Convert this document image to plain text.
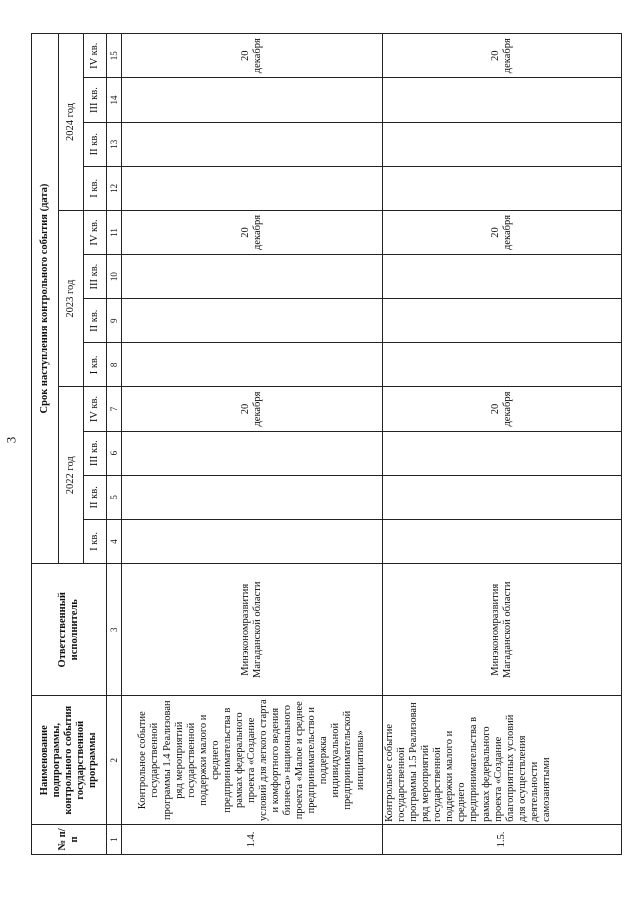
3
№ п/п	Наименование подпрограммы, контрольного события государственной программы	Ответственный исполнитель	Срок наступления контрольного события (дата)											
			2022 год				2023 год				2024 год			
			I кв.	II кв.	III кв.	IV кв.	I кв.	II кв.	III кв.	IV кв.	I кв.	II кв.	III кв.	IV кв.
1	2	3	4	5	6	7	8	9	10	11	12	13	14	15
1.4.	Контрольное событие государственной программы 1.4 Реализован ряд мероприятий государственной поддержки малого и среднего предпринимательства в рамках федерального проекта «Создание условий для легкого старта и комфортного ведения бизнеса» национального проекта «Малое и среднее предпринимательство и поддержка индивидуальной предпринимательской инициативы»	Минэкономразвития Магаданской области				20 декабря				20 декабря				20 декабря
1.5.	Контрольное событие государственной программы 1.5 Реализован ряд мероприятий государственной поддержки малого и среднего предпринимательства в рамках федерального проекта «Создание благоприятных условий для осуществления деятельности самозанятыми	Минэкономразвития Магаданской области				20 декабря				20 декабря				20 декабря
